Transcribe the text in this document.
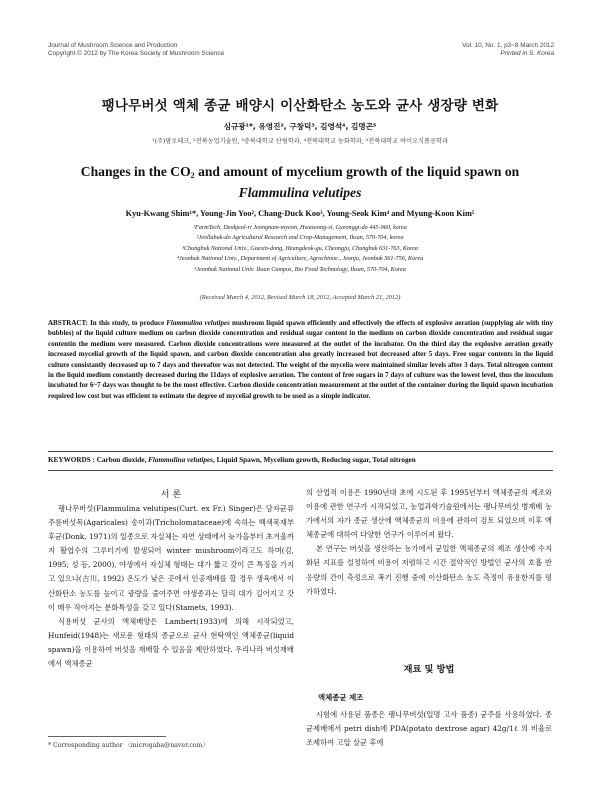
Journal of Mushroom Science and Production
Copyright © 2012 by The Korea Society of Mushroom Science
Vol. 10, No. 1, p3~8 March 2012
Printed in S. Korea
팽나무버섯 액체 종균 배양시 이산화탄소 농도와 균사 생장량 변화
심규광¹*, 유영진², 구창덕³, 김영석⁴, 김명곤⁵
¹(주)팜오테크, ²전북농업기술원, ³충북대학교 산림학과, ⁴전북대학교 농화학과, ⁵전북대학교 바이오식품공학과
Changes in the $CO_2$ and amount of mycelium growth of the liquid spawn on
Flammulina velutipes
Kyu-Kwang Shim¹*, Young-Jin Yoo², Chang-Duck Koo³, Young-Seok Kim⁴ and Myung-Koon Kim⁵
¹FarmTech, Deokjeol-ri Jeongnam-myeon, Hwaseong-si, Gyeonggi-do 445-960, korea
²Jeollabuk-do Agricultural Research and Crop-Management, Iksan, 570-704, korea
³Chungbuk National Univ., Gaesin-dong, Heungdeok-gu, Cheongju, Chungbuk 631-763, Korea
⁴Jeonbuk National Univ., Department of Agriculture, Agrochimie., Jeonju, Jeonbuk 561-756, Korea
⁵Jeonbuk National Univ. Iksan Campus, Bio Food Technology, Iksan, 570-704, Korea
(Received March 4, 2012, Revised March 18, 2012, Accepted March 21, 2012)
ABSTRACT: In this study, to produce Flammulina velutipes mushroom liquid spawn efficiently and effectively the effects of explosive aeration (supplying air with tiny bubbles) of the liquid culture medium on carbon dioxide concentration and residual sugar content in the medium on carbon dioxide concentration and residual sugar contentin the medium were measured. Carbon dioxide concentrations were measured at the outlet of the incubator. On the third day the explosive aeration greatly increased mycelial growth of the liquid spawn, and carbon dioxide concentration also greatly increased but decreased after 5 days. Free sugar contents in the liquid culture consistantly decreased up to 7 days and thereafter was not detected. The weight of the mycelia were maintained similar levels after 3 days. Total nitrogen content in the liquid medium constantly decreased during the 11days of explosive aeration. The content of free sugars in 7 days of culture was the lowest level, thus the inoculum incubated for 6~7 days was thought to be the most effective. Carbon dioxide concentration measurement at the outlet of the container during the liquid spawn incubation required low cost but was efficient to estimate the degree of mycelial growth to be used as a simple indicator.
KEYWORDS : Carbon dioxide, Flammulina velutipes, Liquid Spawn, Mycelium growth, Reducing sugar, Total nitrogen
서 론

팽나무버섯(Flammulina velutipes(Curt. ex Fr.) Singer)은 담자균류 주름버섯목(Agaricales) 송이과(Tricholomataceae)에 속하는 백색목재부후균(Donk, 1971)의 일종으로 자실체는 자연 상태에서 늦가을부터 초겨울까지 활엽수의 그루터기에 발생되어 winter mushroom이라고도 하며(김, 1995; 성 등, 2000), 야생에서 자실체 형태는 대가 짧고 갓이 큰 특징을 가지고 있으나(古川, 1992) 온도가 낮은 곳에서 인공재배를 할 경우 생육에서 이산화탄소 농도를 높이고 광량을 줄여주면 야생종과는 달리 대가 길어지고 갓이 매우 작아지는 분화특성을 갖고 있다(Stamets, 1993).

식용버섯 균사의 액체배양은 Lambert(1933)에 의해 시작되었고, Hunfeid(1948)는 새로운 형태의 종균으로 균사 현탁액인 액체종균(liquid spawn)을 이용하여 버섯을 재배할 수 있음을 제안하였다. 우리나라 버섯재배에서 액체종균

의 산업적 이용은 1990년대 초에 시도된 후 1995년부터 액체종균의 제조와 이용에 관한 연구가 시작되었고, 농업과학기술원에서는 팽나무버섯 병재배 농가에서의 자가 종균 생산에 액체종균의 이용에 관하여 검토 되었으며 이후 액체종균에 대하여 다양한 연구가 이루어져 왔다.

본 연구는 버섯을 생산하는 농가에서 균일한 액체종균의 제조 생산에 수지화된 지표를 설정하여 비용이 저렴하고 시간 절약적인 방법인 균사의 호흡 반응량의 간이 측정으로 폭기 진행 중에 이산화탄소 농도 측정이 유용한지를 평가하였다.

재료 및 방법
액체종균 제조

시험에 사용된 품종은 팽나무버섯(일명 고사 품종) 균주를 사용하였다. 종균제배에서 petri dish에 PDA(potato dextrose agar) 42g/1ℓ 의 비율로 조제하여 고압 살균 후에

* Corresponding author 〈microgaba@naver.com〉
